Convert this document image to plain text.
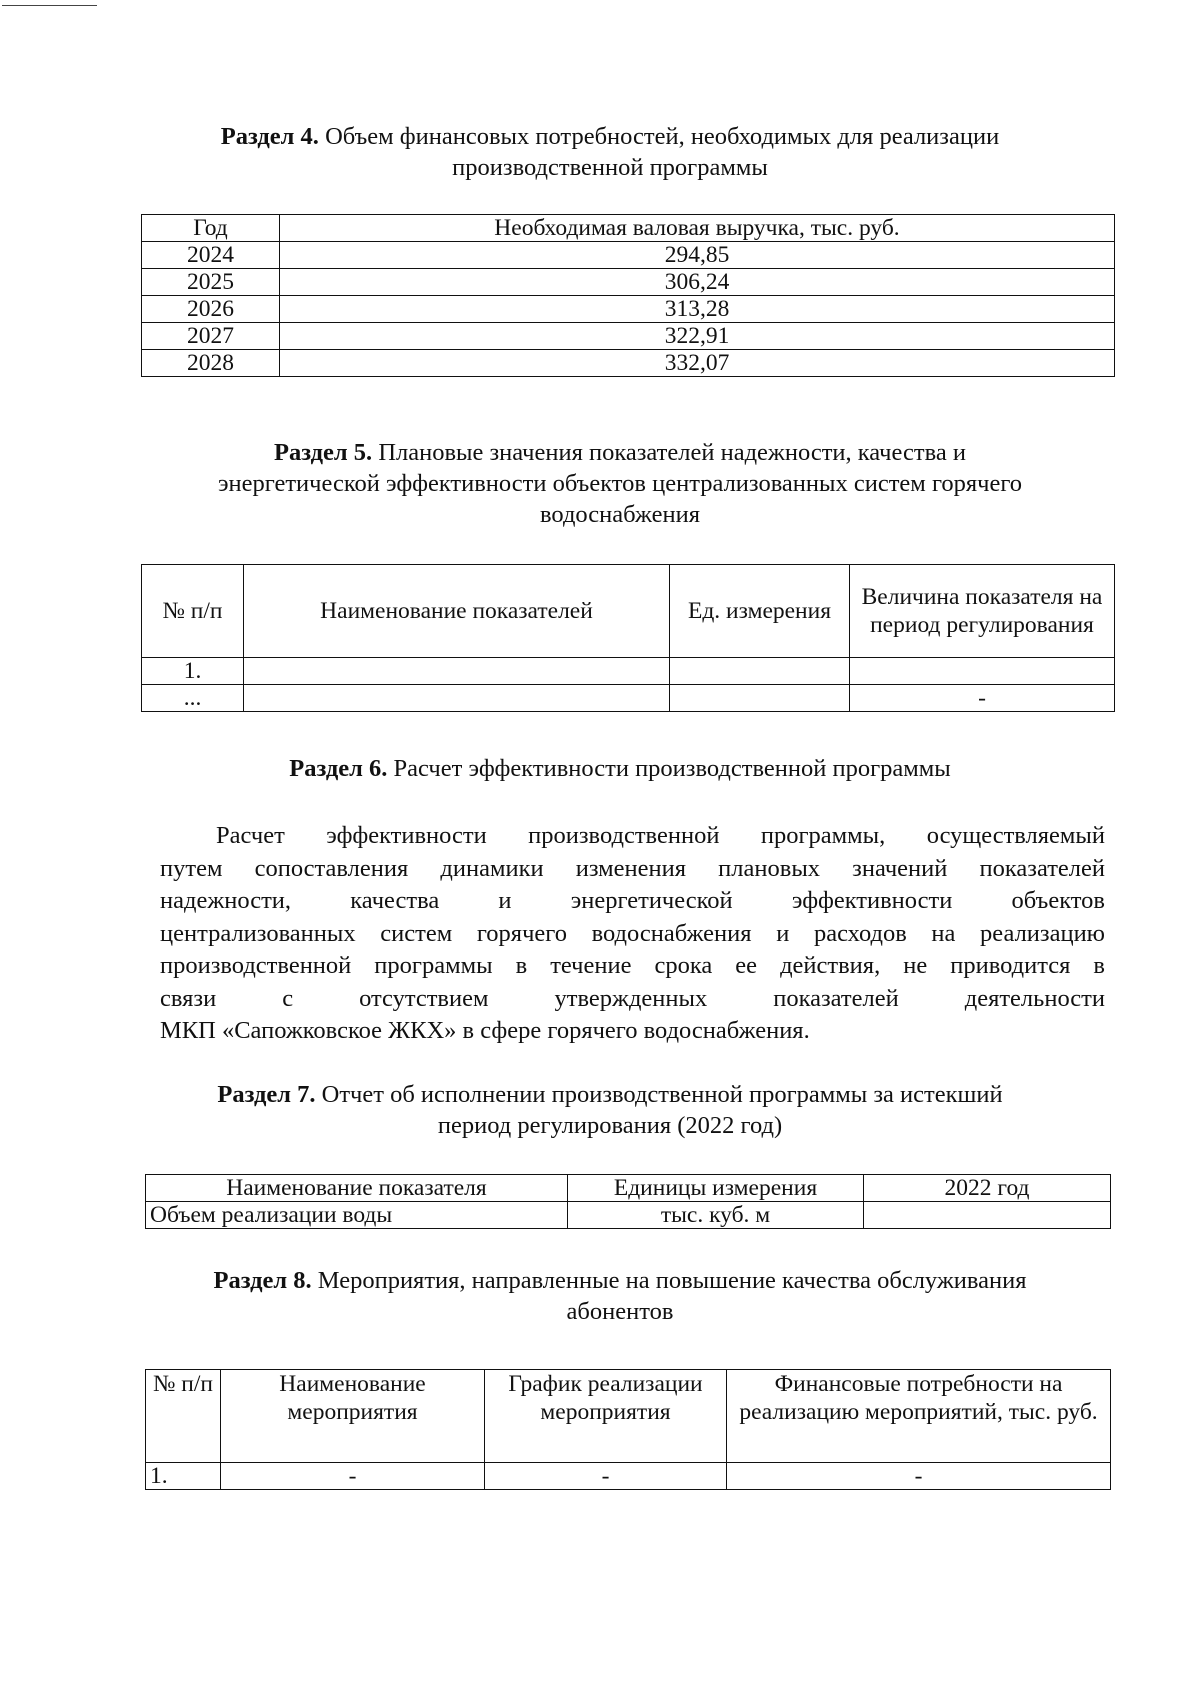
Раздел 4. Объем финансовых потребностей, необходимых для реализации
производственной программы
Год	Необходимая валовая выручка, тыс. руб.
2024	294,85
2025	306,24
2026	313,28
2027	322,91
2028	332,07
Раздел 5. Плановые значения показателей надежности, качества и
энергетической эффективности объектов централизованных систем горячего
водоснабжения
№ п/п	Наименование показателей	Ед. измерения	Величина показателя на период регулирования
1.			
...			-
Раздел 6. Расчет эффективности производственной программы
Расчет эффективности производственной программы, осуществляемый
путем сопоставления динамики изменения плановых значений показателей
надежности, качества и энергетической эффективности объектов
централизованных систем горячего водоснабжения и расходов на реализацию
производственной программы в течение срока ее действия, не приводится в
связи с отсутствием утвержденных показателей деятельности
МКП «Сапожковское ЖКХ» в сфере горячего водоснабжения.
Раздел 7. Отчет об исполнении производственной программы за истекший
период регулирования (2022 год)
Наименование показателя	Единицы измерения	2022 год
Объем реализации воды	тыс. куб. м	
Раздел 8. Мероприятия, направленные на повышение качества обслуживания
абонентов
№ п/п	Наименование мероприятия	График реализации мероприятия	Финансовые потребности на реализацию мероприятий, тыс. руб.
1.	-	-	-
